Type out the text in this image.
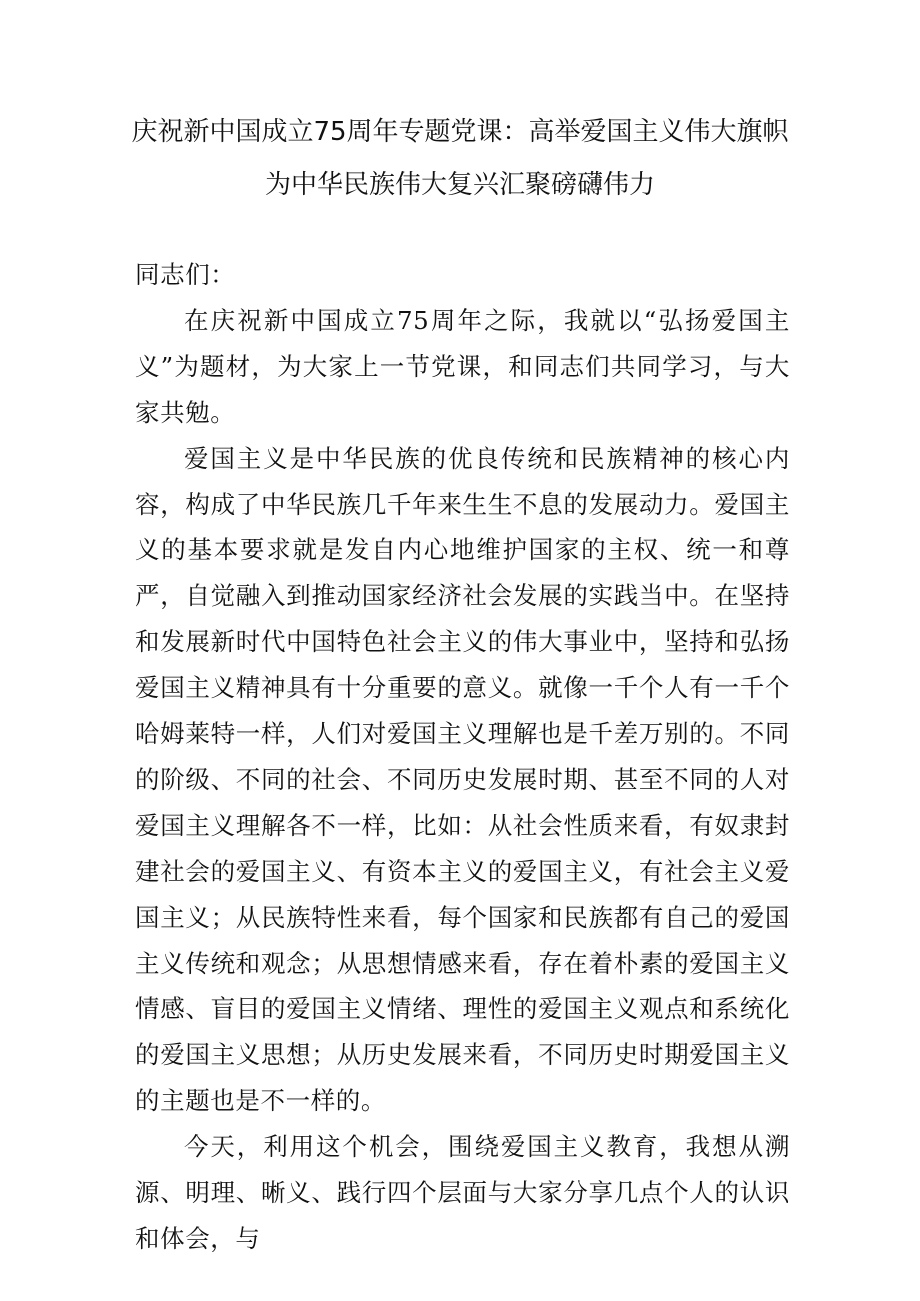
庆祝新中国成立75周年专题党课：高举爱国主义伟大旗帜
为中华民族伟大复兴汇聚磅礴伟力

同志们：

在庆祝新中国成立75周年之际，我就以“弘扬爱国主义”为题材，为大家上一节党课，和同志们共同学习，与大家共勉。

爱国主义是中华民族的优良传统和民族精神的核心内容，构成了中华民族几千年来生生不息的发展动力。爱国主义的基本要求就是发自内心地维护国家的主权、统一和尊严，自觉融入到推动国家经济社会发展的实践当中。在坚持和发展新时代中国特色社会主义的伟大事业中，坚持和弘扬爱国主义精神具有十分重要的意义。就像一千个人有一千个哈姆莱特一样，人们对爱国主义理解也是千差万别的。不同的阶级、不同的社会、不同历史发展时期、甚至不同的人对爱国主义理解各不一样，比如：从社会性质来看，有奴隶封建社会的爱国主义、有资本主义的爱国主义，有社会主义爱国主义；从民族特性来看，每个国家和民族都有自己的爱国主义传统和观念；从思想情感来看，存在着朴素的爱国主义情感、盲目的爱国主义情绪、理性的爱国主义观点和系统化的爱国主义思想；从历史发展来看，不同历史时期爱国主义的主题也是不一样的。

今天，利用这个机会，围绕爱国主义教育，我想从溯源、明理、晰义、践行四个层面与大家分享几点个人的认识和体会，与
